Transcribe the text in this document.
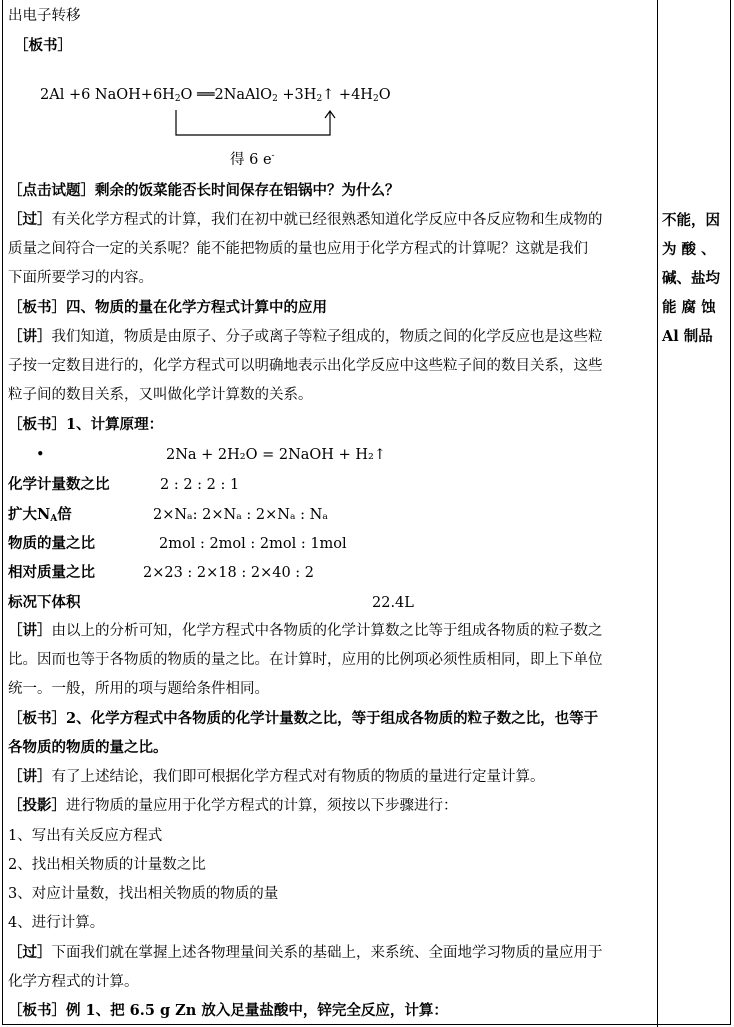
出电子转移
［板书］
2Al +6 $NaOH+6H_2O$ ══2NaAlO$_2$ $+3H_2↑ +4H_2O$
得 6 e-
［点击试题］剩余的饭菜能否长时间保存在铝锅中？为什么？
［过］有关化学方程式的计算，我们在初中就已经很熟悉知道化学反应中各反应物和生成物的
质量之间符合一定的关系呢？能不能把物质的量也应用于化学方程式的计算呢？这就是我们
下面所要学习的内容。
［板书］四、物质的量在化学方程式计算中的应用
［讲］我们知道，物质是由原子、分子或离子等粒子组成的，物质之间的化学反应也是这些粒
子按一定数目进行的，化学方程式可以明确地表示出化学反应中这些粒子间的数目关系，这些
粒子间的数目关系，又叫做化学计算数的关系。
［板书］1、计算原理：
•	2Na + 2H₂O = 2NaOH + H₂↑
化学计量数之比	2 : 2 : 2 : 1
扩大$N_A$倍	2×Nₐ: 2×Nₐ : 2×Nₐ : Nₐ
物质的量之比	2mol : 2mol : 2mol : 1mol
相对质量之比	2×23 : 2×18 : 2×40 : 2
标况下体积	22.4L
［讲］由以上的分析可知，化学方程式中各物质的化学计算数之比等于组成各物质的粒子数之
比。因而也等于各物质的物质的量之比。在计算时，应用的比例项必须性质相同，即上下单位
统一。一般，所用的项与题给条件相同。
［板书］2、化学方程式中各物质的化学计量数之比，等于组成各物质的粒子数之比，也等于
各物质的物质的量之比。
［讲］有了上述结论，我们即可根据化学方程式对有物质的物质的量进行定量计算。
［投影］进行物质的量应用于化学方程式的计算，须按以下步骤进行：
1、写出有关反应方程式
2、找出相关物质的计量数之比
3、对应计量数，找出相关物质的物质的量
4、进行计算。
［过］下面我们就在掌握上述各物理量间关系的基础上，来系统、全面地学习物质的量应用于
化学方程式的计算。
［板书］例 1、把 6.5 g Zn 放入足量盐酸中，锌完全反应，计算：
不能，因
为 酸 、
碱、盐均
能 腐 蚀
Al 制品
